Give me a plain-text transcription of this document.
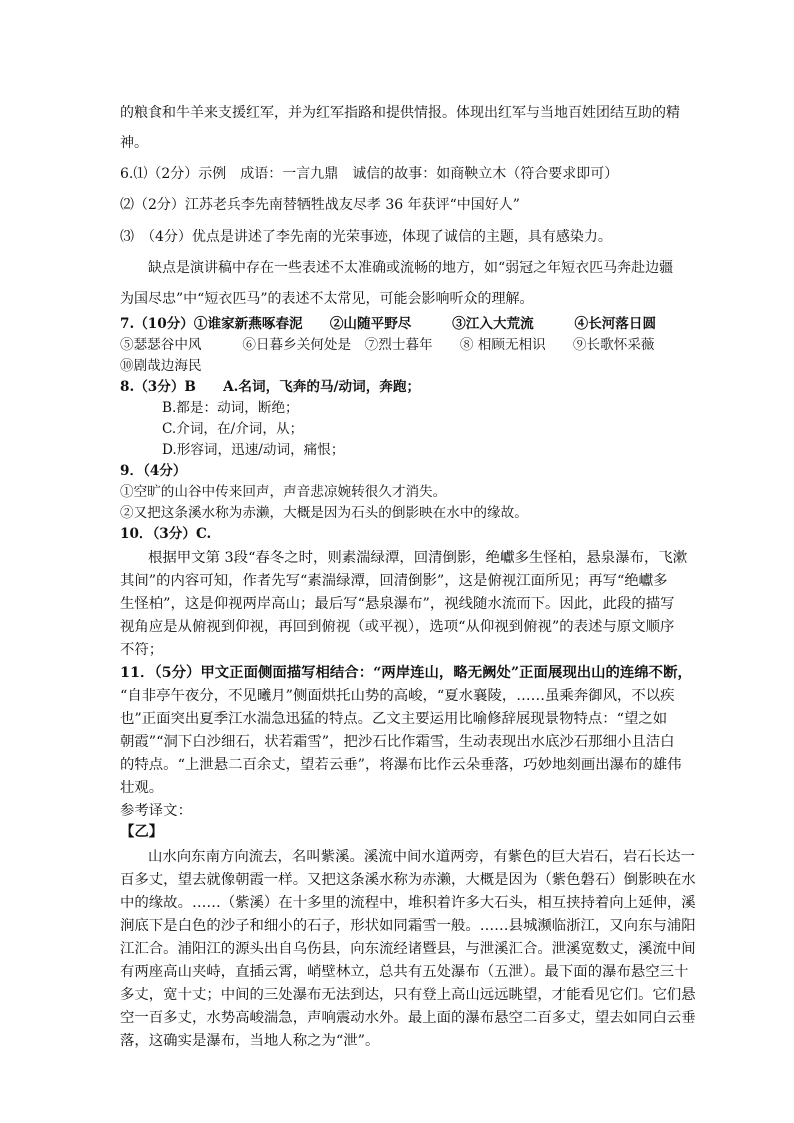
的粮食和牛羊来支援红军，并为红军指路和提供情报。体现出红军与当地百姓团结互助的精
神。
6.⑴（2分）示例　成语：一言九鼎　诚信的故事：如商鞅立木（符合要求即可）
⑵（2分）江苏老兵李先南替牺牲战友尽孝 36 年获评“中国好人”
⑶　（4分）优点是讲述了李先南的光荣事迹，体现了诚信的主题，具有感染力。
缺点是演讲稿中存在一些表述不太准确或流畅的地方，如“弱冠之年短衣匹马奔赴边疆
为国尽忠”中“短衣匹马”的表述不太常见，可能会影响听众的理解。
7.（10分）①谁家新燕啄春泥　　②山随平野尽　　　③江入大荒流　　　④长河落日圆
⑤瑟瑟谷中风　　　⑥日暮乡关何处是　⑦烈士暮年　　⑧ 相顾无相识　　⑨长歌怀采薇
⑩剧哉边海民
8.（3分）B　　A.名词，飞奔的马/动词，奔跑；
B.都是：动词，断绝；
C.介词，在/介词，从；
D.形容词，迅速/动词，痛恨；
9．（4分）
①空旷的山谷中传来回声，声音悲凉婉转很久才消失。
②又把这条溪水称为赤濑，大概是因为石头的倒影映在水中的缘故。
10．（3分）C.
根据甲文第 3段“春冬之时，则素湍绿潭，回清倒影，绝巘多生怪柏，悬泉瀑布，飞漱
其间”的内容可知，作者先写“素湍绿潭，回清倒影”，这是俯视江面所见；再写“绝巘多
生怪柏”，这是仰视两岸高山；最后写“悬泉瀑布”，视线随水流而下。因此，此段的描写
视角应是从俯视到仰视，再回到俯视（或平视），选项“从仰视到俯视”的表述与原文顺序
不符；
11．（5分）甲文正面侧面描写相结合：“两岸连山，略无阙处”正面展现出山的连绵不断，
“自非亭午夜分，不见曦月”侧面烘托山势的高峻，“夏水襄陵，……虽乘奔御风，不以疾
也”正面突出夏季江水湍急迅猛的特点。乙文主要运用比喻修辞展现景物特点：“望之如
朝霞”“洞下白沙细石，状若霜雪”，把沙石比作霜雪，生动表现出水底沙石那细小且洁白
的特点。“上泄悬二百余丈，望若云垂”，将瀑布比作云朵垂落，巧妙地刻画出瀑布的雄伟
壮观。
参考译文：
【乙】
山水向东南方向流去，名叫紫溪。溪流中间水道两旁，有紫色的巨大岩石，岩石长达一
百多丈，望去就像朝霞一样。又把这条溪水称为赤濑，大概是因为（紫色磐石）倒影映在水
中的缘故。……（紫溪）在十多里的流程中，堆积着许多大石头，相互挟持着向上延伸，溪
涧底下是白色的沙子和细小的石子，形状如同霜雪一般。……县城濒临浙江，又向东与浦阳
江汇合。浦阳江的源头出自乌伤县，向东流经诸暨县，与泄溪汇合。泄溪宽数丈，溪流中间
有两座高山夹峙，直插云霄，峭壁林立，总共有五处瀑布（五泄）。最下面的瀑布悬空三十
多丈，宽十丈；中间的三处瀑布无法到达，只有登上高山远远眺望，才能看见它们。它们悬
空一百多丈，水势高峻湍急，声响震动水外。最上面的瀑布悬空二百多丈，望去如同白云垂
落，这确实是瀑布，当地人称之为“泄”。
